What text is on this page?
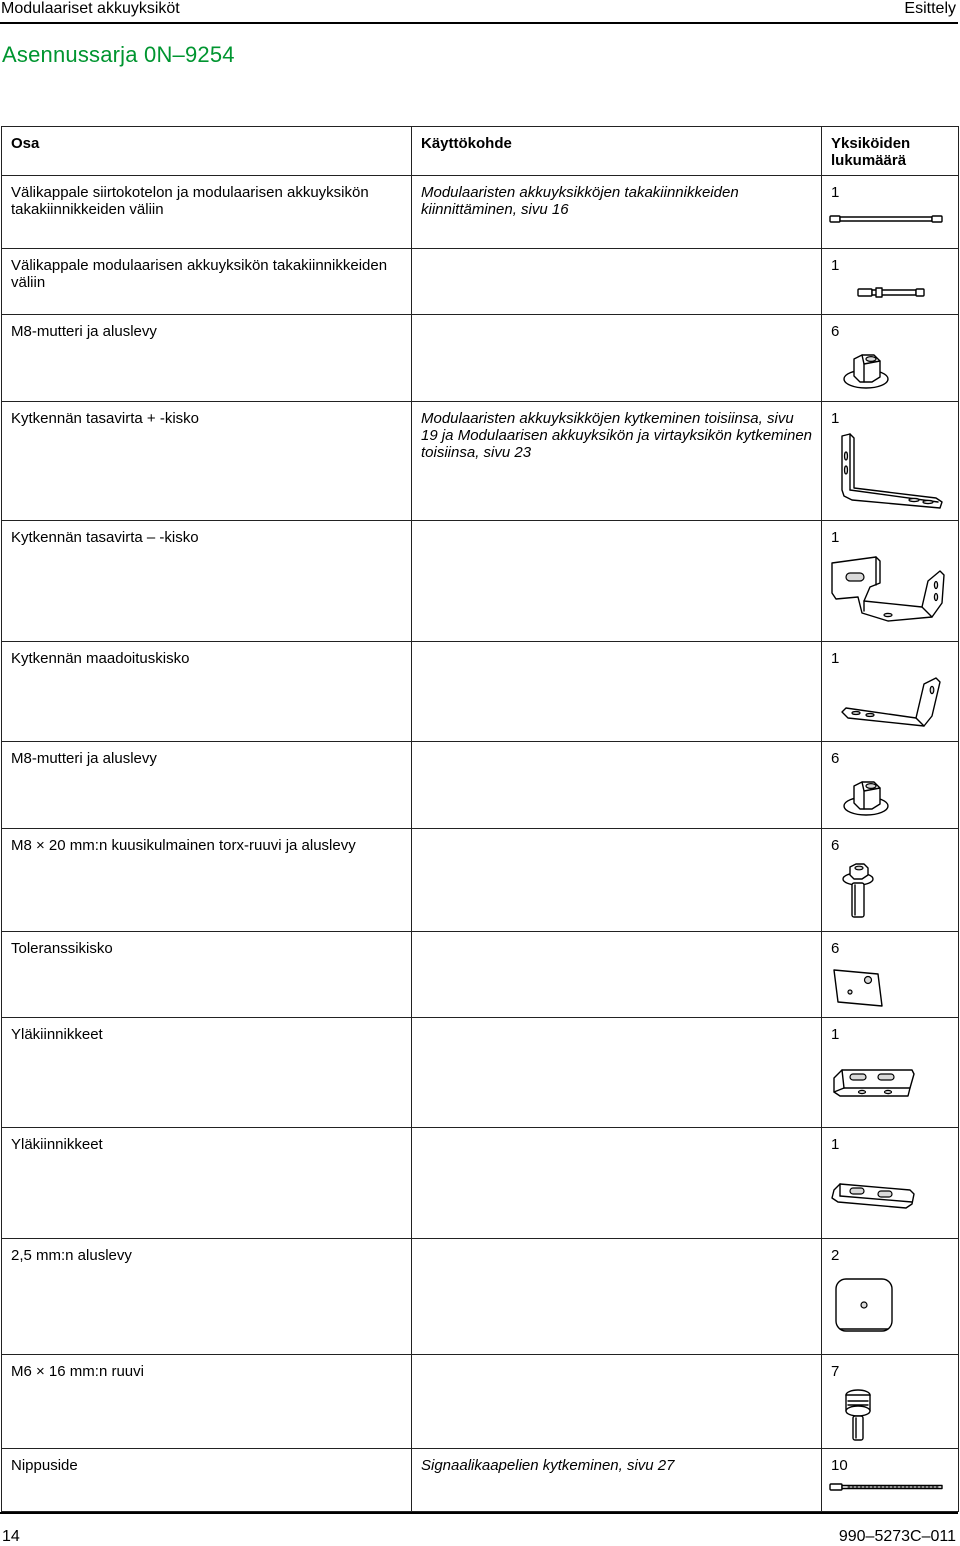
Modulaariset akkuyksiköt	Esittely
Asennussarja 0N–9254
Osa	Käyttökohde	Yksiköiden lukumäärä

Välikappale siirtokotelon ja modulaarisen akkuyksikön takakiinnikkeiden väliin	Modulaaristen akkuyksikköjen takakiinnikkeiden kiinnittäminen, sivu 16	1

Välikappale modulaarisen akkuyksikön takakiinnikkeiden väliin		1

M8-mutteri ja aluslevy		6

Kytkennän tasavirta + -kisko	Modulaaristen akkuyksikköjen kytkeminen toisiinsa, sivu 19 ja Modulaarisen akkuyksikön ja virtayksikön kytkeminen toisiinsa, sivu 23	1

Kytkennän tasavirta – -kisko		1

Kytkennän maadoituskisko		1

M8-mutteri ja aluslevy		6

M8 × 20 mm:n kuusikulmainen torx-ruuvi ja aluslevy		6

Toleranssikisko		6

Yläkiinnikkeet		1

Yläkiinnikkeet		1

2,5 mm:n aluslevy		2

M6 × 16 mm:n ruuvi		7

Nippuside	Signaalikaapelien kytkeminen, sivu 27	10
14	990–5273C–011
